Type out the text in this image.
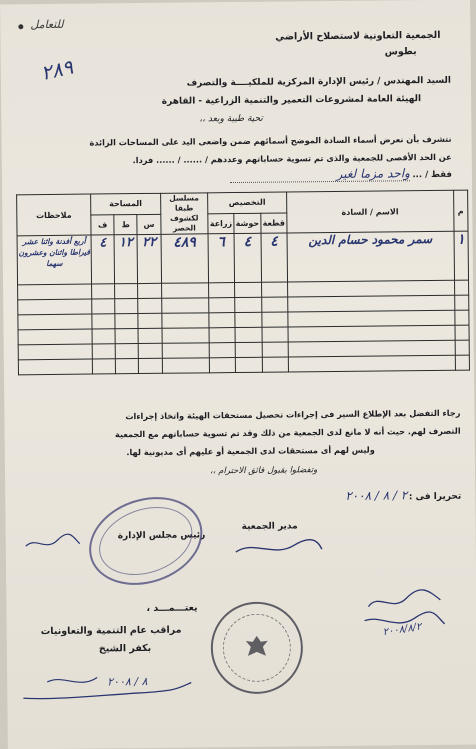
للتعامل
الجمعية التعاونية لاستصلاح الأراضي
بطوس
٢٨٩	السيد المهندس / رئيس الإدارة المركزية للملكيــــة والتصرف
الهيئة العامة لمشروعات التعمير والتنمية الزراعية - القاهرة
تحية طيبة وبعد ،،
نتشرف بأن نعرض أسماء السادة الموضح أسمائهم ضمن واضعى اليد على المساحات الزائدة
عن الحد الأقصى للجمعية والذى تم تسوية حساباتهم وعددهم / ...... / ...... فردا.
فقط / ...
واحد مزما لغير
م	الاسم / السادة	التخصيص			مسلسل طبقا لكشوف الحصر	المساحة			ملاحظات
		قطعة	حوشة	زراعة		س	ط	ف	
١	سمر محمود حسام الدين	٤	٤	٦	٤٨٩	٢٢	١٢	٤	أربع أفدنة واثنا عشر قيراطا واثنان وعشرون سهما

رجاء التفضل بعد الإطلاع السير فى إجراءات تحصيل مستحقات الهيئة واتخاذ إجراءات
التصرف لهم. حيث أنه لا مانع لدى الجمعية من ذلك وقد تم تسوية حساباتهم مع الجمعية
وليس لهم أى مستحقات لدى الجمعية أو عليهم أى مديونية لها.
وتفضلوا بقبول فائق الاحترام ،،
تحريرا فى :
٢ / ٨ / ٢٠٠٨
مدير الجمعية
رئيس مجلس الإدارة
يعتـــمـــد ،
مراقب عام التنمية والتعاونيات
بكفر الشيخ
٢٠٠٨/٨/٢
٨ / ٢٠٠٨
